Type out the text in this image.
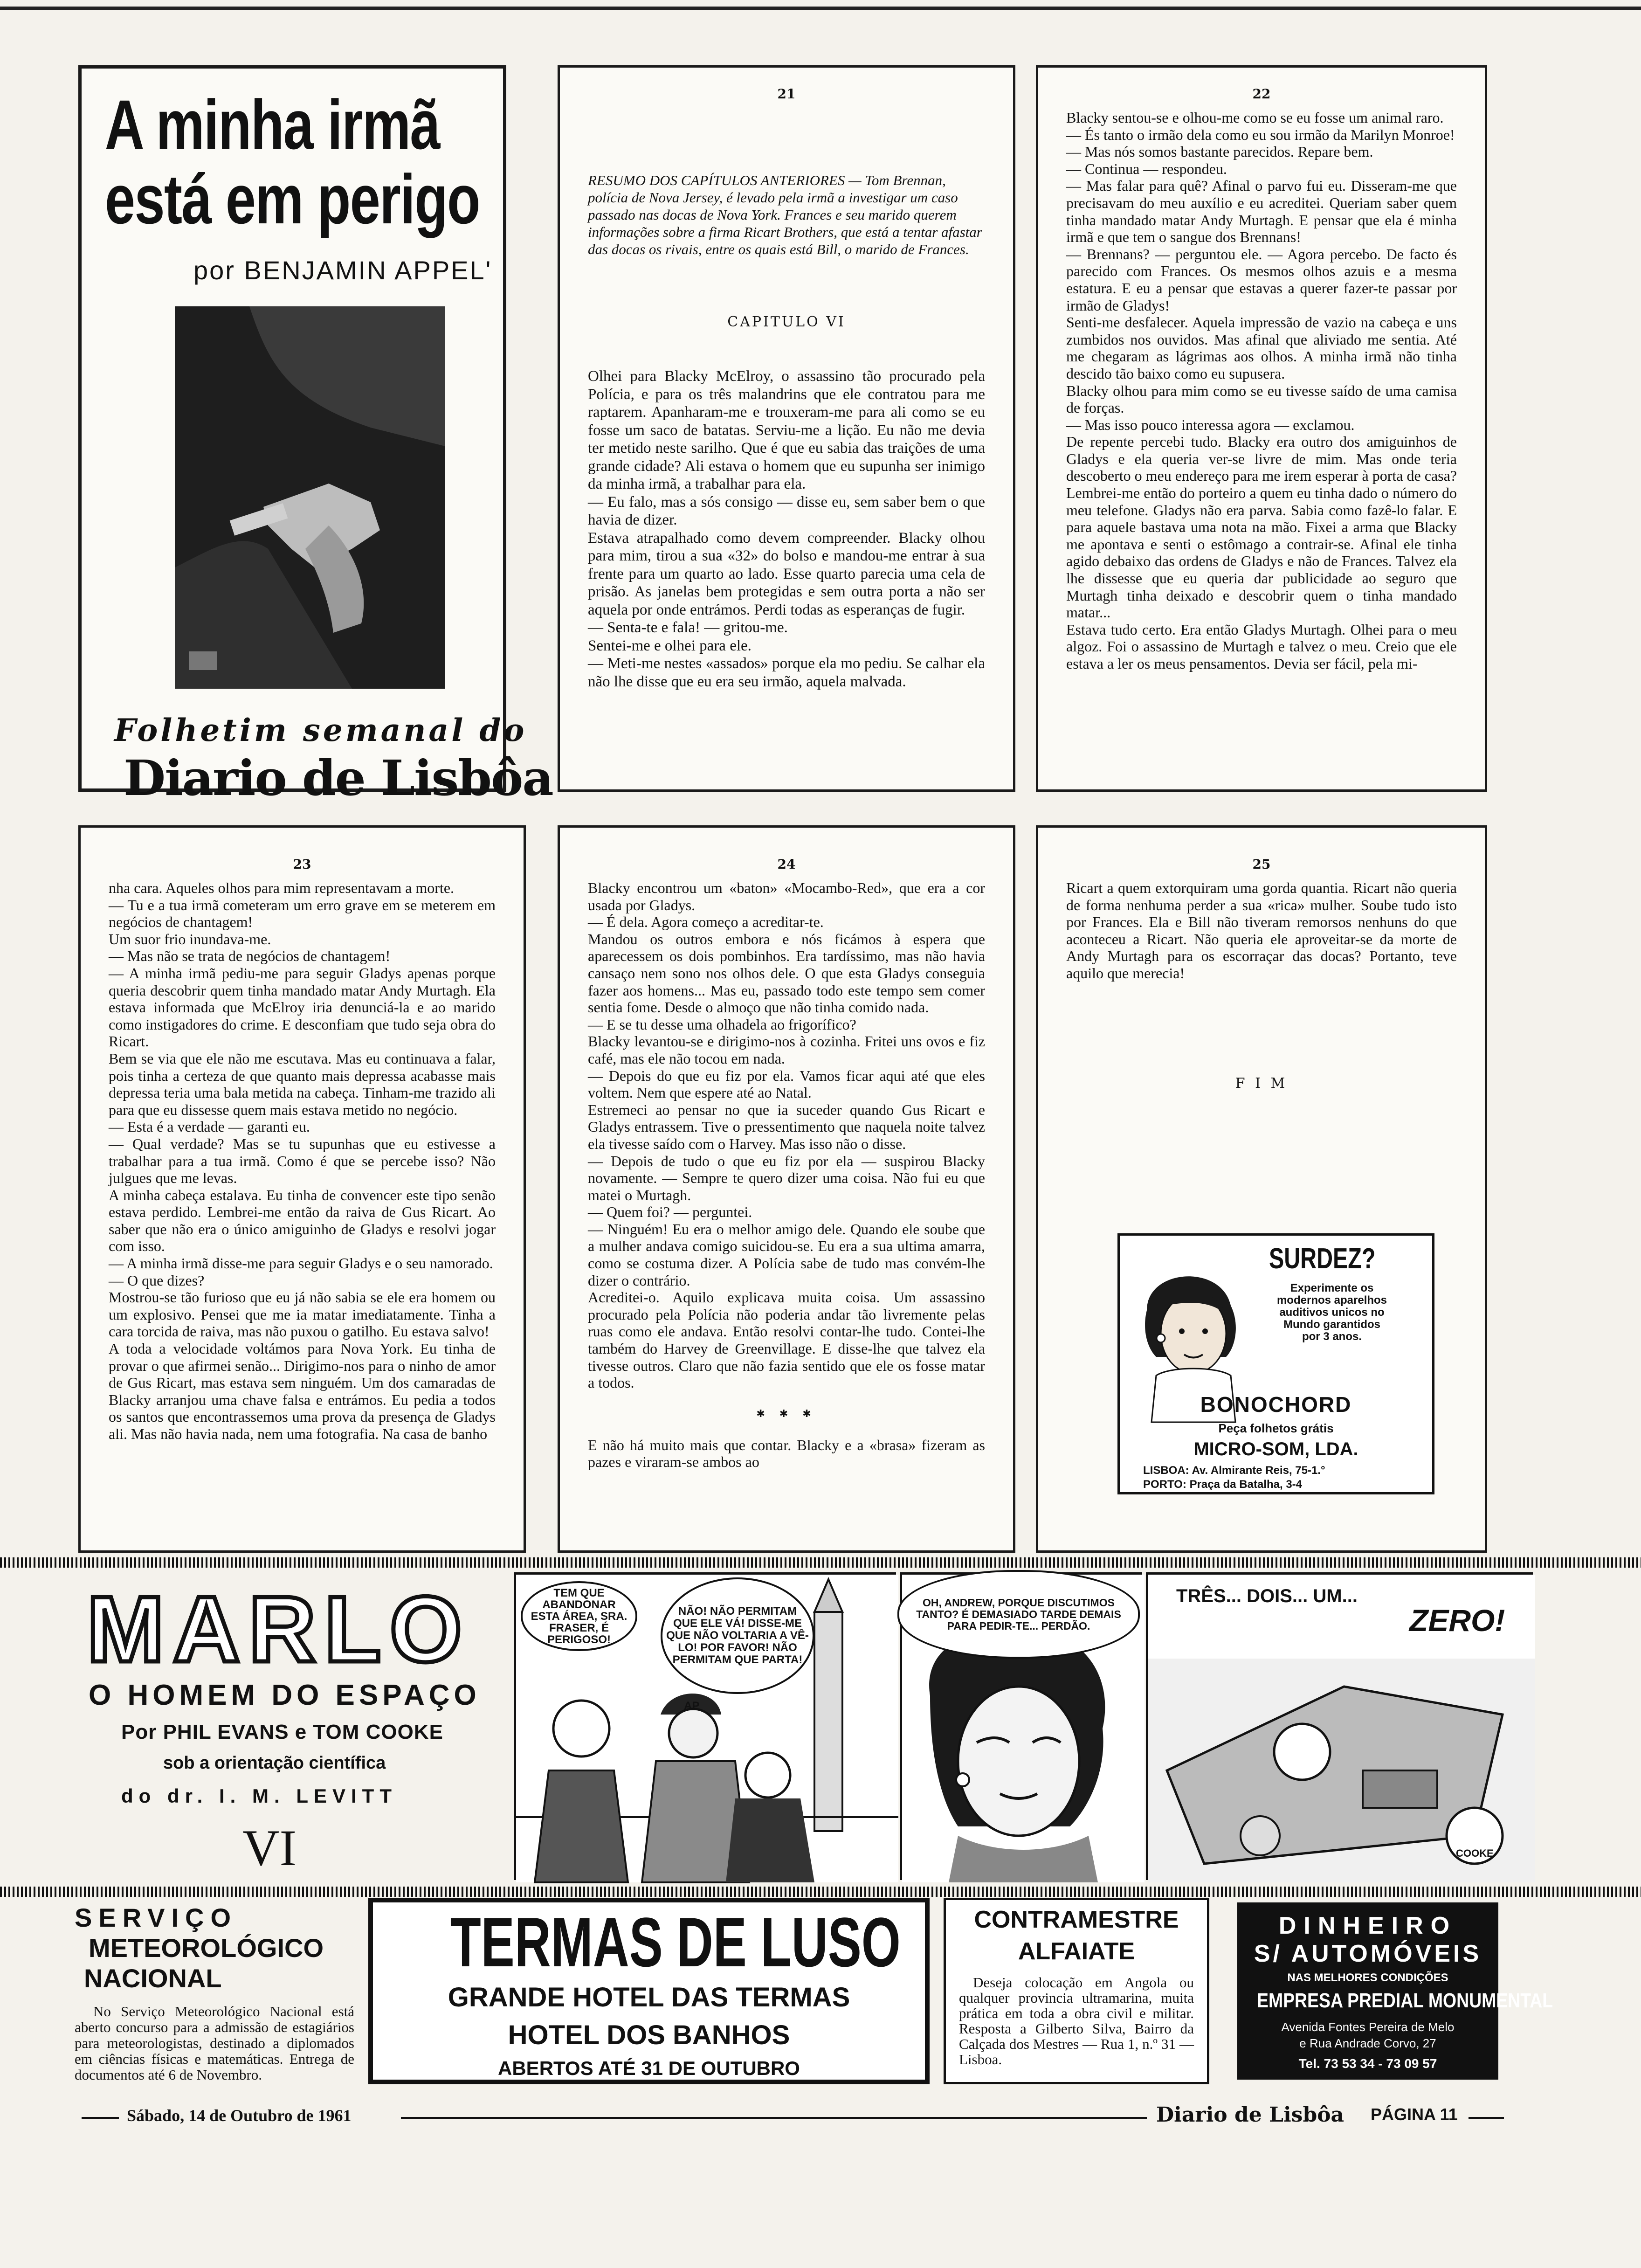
A minha irmã
está em perigo
por BENJAMIN APPEL'
Folhetim semanal do
Diario de Lisbôa
21
RESUMO DOS CAPÍTULOS ANTERIORES — Tom Brennan, polícia de Nova Jersey, é levado pela irmã a investigar um caso passado nas docas de Nova York. Frances e seu marido querem informações sobre a firma Ricart Brothers, que está a tentar afastar das docas os rivais, entre os quais está Bill, o marido de Frances.
CAPITULO VI
Olhei para Blacky McElroy, o assassino tão procurado pela Polícia, e para os três malandrins que ele contratou para me raptarem. Apanharam-me e trouxeram-me para ali como se eu fosse um saco de batatas. Serviu-me a lição. Eu não me devia ter metido neste sarilho. Que é que eu sabia das traições de uma grande cidade? Ali estava o homem que eu supunha ser inimigo da minha irmã, a trabalhar para ela.
— Eu falo, mas a sós consigo — disse eu, sem saber bem o que havia de dizer.
Estava atrapalhado como devem compreender. Blacky olhou para mim, tirou a sua «32» do bolso e mandou-me entrar à sua frente para um quarto ao lado. Esse quarto parecia uma cela de prisão. As janelas bem protegidas e sem outra porta a não ser aquela por onde entrámos. Perdi todas as esperanças de fugir.
— Senta-te e fala! — gritou-me.
Sentei-me e olhei para ele.
— Meti-me nestes «assados» porque ela mo pediu. Se calhar ela não lhe disse que eu era seu irmão, aquela malvada.
22
Blacky sentou-se e olhou-me como se eu fosse um animal raro.
— És tanto o irmão dela como eu sou irmão da Marilyn Monroe!
— Mas nós somos bastante parecidos. Repare bem.
— Continua — respondeu.
— Mas falar para quê? Afinal o parvo fui eu. Disseram-me que precisavam do meu auxílio e eu acreditei. Queriam saber quem tinha mandado matar Andy Murtagh. E pensar que ela é minha irmã e que tem o sangue dos Brennans!
— Brennans? — perguntou ele. — Agora percebo. De facto és parecido com Frances. Os mesmos olhos azuis e a mesma estatura. E eu a pensar que estavas a querer fazer-te passar por irmão de Gladys!
Senti-me desfalecer. Aquela impressão de vazio na cabeça e uns zumbidos nos ouvidos. Mas afinal que aliviado me sentia. Até me chegaram as lágrimas aos olhos. A minha irmã não tinha descido tão baixo como eu supusera.
Blacky olhou para mim como se eu tivesse saído de uma camisa de forças.
— Mas isso pouco interessa agora — exclamou.
De repente percebi tudo. Blacky era outro dos amiguinhos de Gladys e ela queria ver-se livre de mim. Mas onde teria descoberto o meu endereço para me irem esperar à porta de casa? Lembrei-me então do porteiro a quem eu tinha dado o número do meu telefone. Gladys não era parva. Sabia como fazê-lo falar. E para aquele bastava uma nota na mão. Fixei a arma que Blacky me apontava e senti o estômago a contrair-se. Afinal ele tinha agido debaixo das ordens de Gladys e não de Frances. Talvez ela lhe dissesse que eu queria dar publicidade ao seguro que Murtagh tinha deixado e descobrir quem o tinha mandado matar...
Estava tudo certo. Era então Gladys Murtagh. Olhei para o meu algoz. Foi o assassino de Murtagh e talvez o meu. Creio que ele estava a ler os meus pensamentos. Devia ser fácil, pela mi-
23
nha cara. Aqueles olhos para mim representavam a morte.
— Tu e a tua irmã cometeram um erro grave em se meterem em negócios de chantagem!
Um suor frio inundava-me.
— Mas não se trata de negócios de chantagem!
— A minha irmã pediu-me para seguir Gladys apenas porque queria descobrir quem tinha mandado matar Andy Murtagh. Ela estava informada que McElroy iria denunciá-la e ao marido como instigadores do crime. E desconfiam que tudo seja obra do Ricart.
Bem se via que ele não me escutava. Mas eu continuava a falar, pois tinha a certeza de que quanto mais depressa acabasse mais depressa teria uma bala metida na cabeça. Tinham-me trazido ali para que eu dissesse quem mais estava metido no negócio.
— Esta é a verdade — garanti eu.
— Qual verdade? Mas se tu supunhas que eu estivesse a trabalhar para a tua irmã. Como é que se percebe isso? Não julgues que me levas.
A minha cabeça estalava. Eu tinha de convencer este tipo senão estava perdido. Lembrei-me então da raiva de Gus Ricart. Ao saber que não era o único amiguinho de Gladys e resolvi jogar com isso.
— A minha irmã disse-me para seguir Gladys e o seu namorado.
— O que dizes?
Mostrou-se tão furioso que eu já não sabia se ele era homem ou um explosivo. Pensei que me ia matar imediatamente. Tinha a cara torcida de raiva, mas não puxou o gatilho. Eu estava salvo!
A toda a velocidade voltámos para Nova York. Eu tinha de provar o que afirmei senão... Dirigimo-nos para o ninho de amor de Gus Ricart, mas estava sem ninguém. Um dos camaradas de Blacky arranjou uma chave falsa e entrámos. Eu pedia a todos os santos que encontrassemos uma prova da presença de Gladys ali. Mas não havia nada, nem uma fotografia. Na casa de banho
24
Blacky encontrou um «baton» «Mocambo-Red», que era a cor usada por Gladys.
— É dela. Agora começo a acreditar-te.
Mandou os outros embora e nós ficámos à espera que aparecessem os dois pombinhos. Era tardíssimo, mas não havia cansaço nem sono nos olhos dele. O que esta Gladys conseguia fazer aos homens... Mas eu, passado todo este tempo sem comer sentia fome. Desde o almoço que não tinha comido nada.
— E se tu desse uma olhadela ao frigorífico?
Blacky levantou-se e dirigimo-nos à cozinha. Fritei uns ovos e fiz café, mas ele não tocou em nada.
— Depois do que eu fiz por ela. Vamos ficar aqui até que eles voltem. Nem que espere até ao Natal.
Estremeci ao pensar no que ia suceder quando Gus Ricart e Gladys entrassem. Tive o pressentimento que naquela noite talvez ela tivesse saído com o Harvey. Mas isso não o disse.
— Depois de tudo o que eu fiz por ela — suspirou Blacky novamente. — Sempre te quero dizer uma coisa. Não fui eu que matei o Murtagh.
— Quem foi? — perguntei.
— Ninguém! Eu era o melhor amigo dele. Quando ele soube que a mulher andava comigo suicidou-se. Eu era a sua ultima amarra, como se costuma dizer. A Polícia sabe de tudo mas convém-lhe dizer o contrário.
Acreditei-o. Aquilo explicava muita coisa. Um assassino procurado pela Polícia não poderia andar tão livremente pelas ruas como ele andava. Então resolvi contar-lhe tudo. Contei-lhe também do Harvey de Greenvillage. E disse-lhe que talvez ela tivesse outros. Claro que não fazia sentido que ele os fosse matar a todos.
✱ ✱ ✱
E não há muito mais que contar. Blacky e a «brasa» fizeram as pazes e viraram-se ambos ao
25
Ricart a quem extorquiram uma gorda quantia. Ricart não queria de forma nenhuma perder a sua «rica» mulher. Soube tudo isto por Frances. Ela e Bill não tiveram remorsos nenhuns do que aconteceu a Ricart. Não queria ele aproveitar-se da morte de Andy Murtagh para os escorraçar das docas? Portanto, teve aquilo que merecia!
F I M
SURDEZ?
Experimente os modernos aparelhos auditivos unicos no Mundo garantidos por 3 anos.
BONOCHORD
Peça folhetos grátis
MICRO-SOM, LDA.
LISBOA: Av. Almirante Reis, 75-1.°
PORTO: Praça da Batalha, 3-4
MARLO
O HOMEM DO ESPAÇO
Por PHIL EVANS e TOM COOKE
sob a orientação científica
do dr. I. M. LEVITT
VI
TEM QUE ABANDONAR ESTA ÁREA, SRA. FRASER, É PERIGOSO!
NÃO! NÃO PERMITAM QUE ELE VÁ! DISSE-ME QUE NÃO VOLTARIA A VÊ-LO! POR FAVOR! NÃO PERMITAM QUE PARTA!
AP
OH, ANDREW, PORQUE DISCUTIMOS TANTO? É DEMASIADO TARDE DEMAIS PARA PEDIR-TE... PERDÃO.
TRÊS... DOIS... UM...
ZERO!
COOKE
SERVIÇO
METEOROLÓGICO
NACIONAL
No Serviço Meteorológico Nacional está aberto concurso para a admissão de estagiários para meteorologistas, destinado a diplomados em ciências físicas e matemáticas. Entrega de documentos até 6 de Novembro.
TERMAS DE LUSO
GRANDE HOTEL DAS TERMAS
HOTEL DOS BANHOS
ABERTOS ATÉ 31 DE OUTUBRO
CONTRAMESTRE
ALFAIATE
Deseja colocação em Angola ou qualquer provincia ultramarina, muita prática em toda a obra civil e militar. Resposta a Gilberto Silva, Bairro da Calçada dos Mestres — Rua 1, n.º 31 — Lisboa.
DINHEIRO
S/ AUTOMÓVEIS
NAS MELHORES CONDIÇÕES
EMPRESA PREDIAL MONUMENTAL
Avenida Fontes Pereira de Melo
e Rua Andrade Corvo, 27
Tel. 73 53 34 - 73 09 57
Sábado, 14 de Outubro de 1961	Diario de Lisbôa PÁGINA 11
